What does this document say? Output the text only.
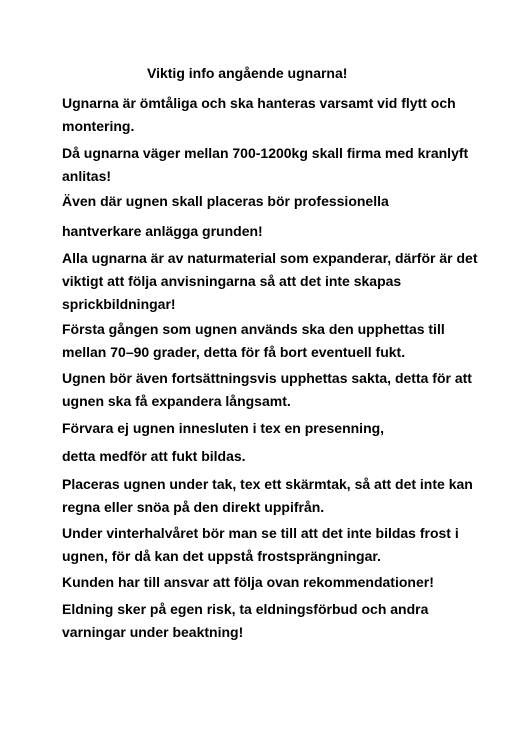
Viktig info angående ugnarna!

Ugnarna är ömtåliga och ska hanteras varsamt vid flytt och montering.

Då ugnarna väger mellan 700-1200kg skall firma med kranlyft anlitas!

Även där ugnen skall placeras bör professionella

hantverkare anlägga grunden!

Alla ugnarna är av naturmaterial som expanderar, därför är det viktigt att följa anvisningarna så att det inte skapas sprickbildningar!

Första gången som ugnen används ska den upphettas till mellan 70–90 grader, detta för få bort eventuell fukt.

Ugnen bör även fortsättningsvis upphettas sakta, detta för att ugnen ska få expandera långsamt.

Förvara ej ugnen innesluten i tex en presenning,

detta medför att fukt bildas.

Placeras ugnen under tak, tex ett skärmtak, så att det inte kan regna eller snöa på den direkt uppifrån.

Under vinterhalvåret bör man se till att det inte bildas frost i ugnen, för då kan det uppstå frostsprängningar.

Kunden har till ansvar att följa ovan rekommendationer!

Eldning sker på egen risk, ta eldningsförbud och andra varningar under beaktning!
